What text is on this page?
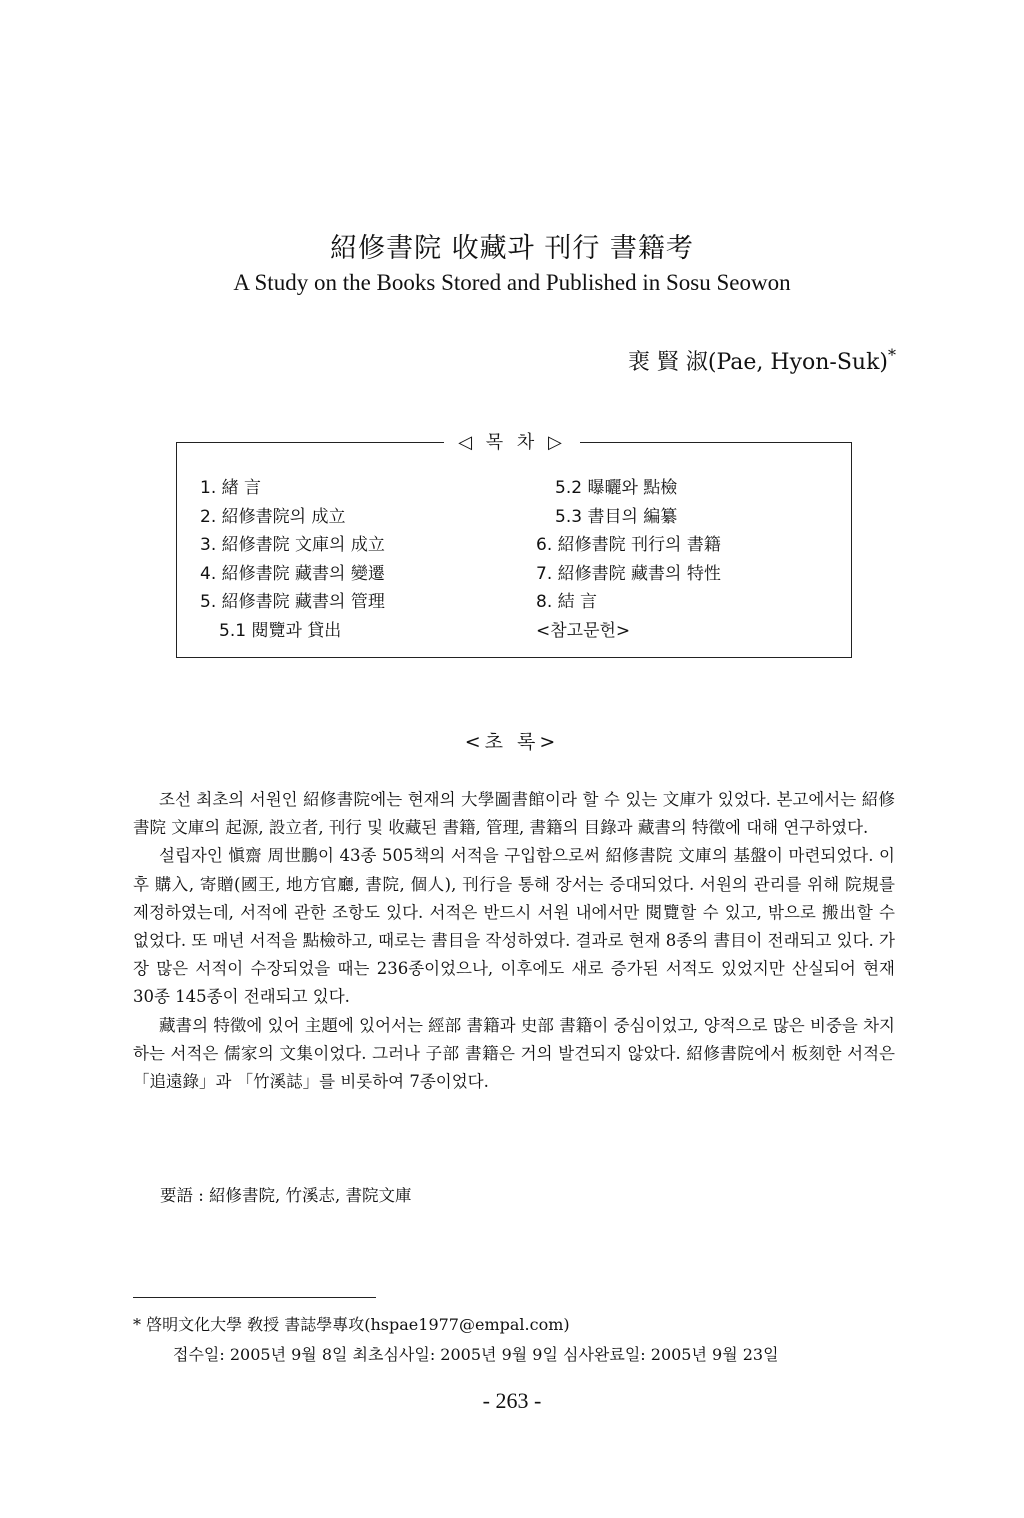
紹修書院 收藏과 刊行 書籍考
A Study on the Books Stored and Published in Sosu Seowon
裵 賢 淑(Pae, Hyon-Suk)*
◁ 목 차 ▷
1. 緖 言
2. 紹修書院의 成立
3. 紹修書院 文庫의 成立
4. 紹修書院 藏書의 變遷
5. 紹修書院 藏書의 管理
5.1 閱覽과 貸出
5.2 曝曬와 點檢
5.3 書目의 編纂
6. 紹修書院 刊行의 書籍
7. 紹修書院 藏書의 特性
8. 結 言
<참고문헌>
<초 록>

조선 최초의 서원인 紹修書院에는 현재의 大學圖書館이라 할 수 있는 文庫가 있었다. 본고에서는 紹修書院 文庫의 起源, 設立者, 刊行 및 收藏된 書籍, 管理, 書籍의 目錄과 藏書의 特徵에 대해 연구하였다.

설립자인 愼齋 周世鵬이 43종 505책의 서적을 구입함으로써 紹修書院 文庫의 基盤이 마련되었다. 이후 購入, 寄贈(國王, 地方官廳, 書院, 個人), 刊行을 통해 장서는 증대되었다. 서원의 관리를 위해 院規를 제정하였는데, 서적에 관한 조항도 있다. 서적은 반드시 서원 내에서만 閱覽할 수 있고, 밖으로 搬出할 수 없었다. 또 매년 서적을 點檢하고, 때로는 書目을 작성하였다. 결과로 현재 8종의 書目이 전래되고 있다. 가장 많은 서적이 수장되었을 때는 236종이었으나, 이후에도 새로 증가된 서적도 있었지만 산실되어 현재 30종 145종이 전래되고 있다.

藏書의 特徵에 있어 主題에 있어서는 經部 書籍과 史部 書籍이 중심이었고, 양적으로 많은 비중을 차지하는 서적은 儒家의 文集이었다. 그러나 子部 書籍은 거의 발견되지 않았다. 紹修書院에서 板刻한 서적은 「追遠錄」과 「竹溪誌」를 비롯하여 7종이었다.

要語 : 紹修書院, 竹溪志, 書院文庫
* 啓明文化大學 敎授 書誌學專攻(hspae1977@empal.com)
접수일: 2005년 9월 8일 최초심사일: 2005년 9월 9일 심사완료일: 2005년 9월 23일
- 263 -
